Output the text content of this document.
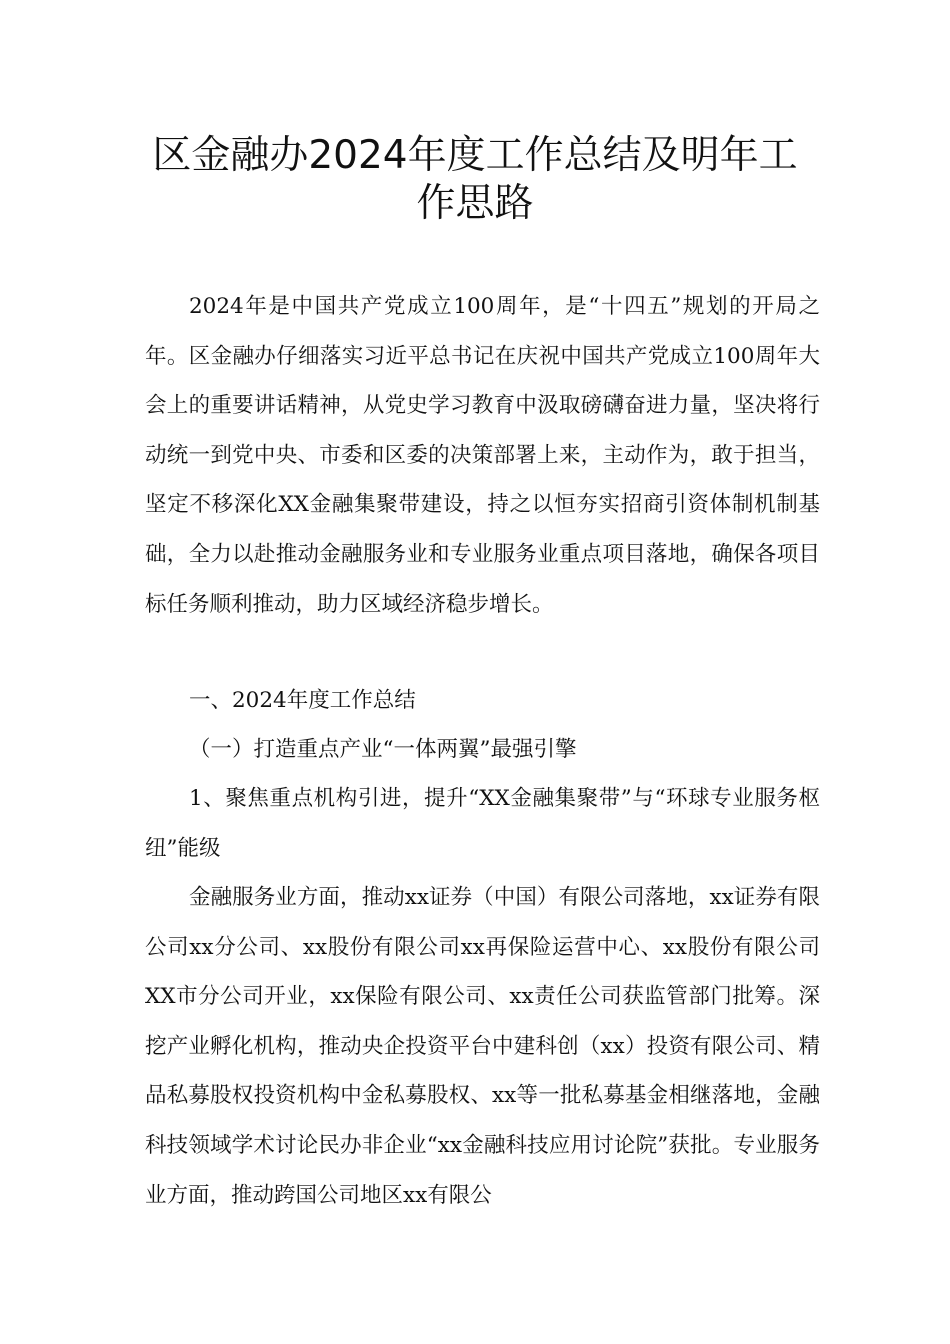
区金融办2024年度工作总结及明年工
作思路

2024年是中国共产党成立100周年，是“十四五”规划的开局之年。区金融办仔细落实习近平总书记在庆祝中国共产党成立100周年大会上的重要讲话精神，从党史学习教育中汲取磅礴奋进力量，坚决将行动统一到党中央、市委和区委的决策部署上来，主动作为，敢于担当，坚定不移深化XX金融集聚带建设，持之以恒夯实招商引资体制机制基础，全力以赴推动金融服务业和专业服务业重点项目落地，确保各项目标任务顺利推动，助力区域经济稳步增长。

一、2024年度工作总结

（一）打造重点产业“一体两翼”最强引擎

1、聚焦重点机构引进，提升“XX金融集聚带”与“环球专业服务枢纽”能级

金融服务业方面，推动xx证券（中国）有限公司落地，xx证券有限公司xx分公司、xx股份有限公司xx再保险运营中心、xx股份有限公司XX市分公司开业，xx保险有限公司、xx责任公司获监管部门批筹。深挖产业孵化机构，推动央企投资平台中建科创（xx）投资有限公司、精品私募股权投资机构中金私募股权、xx等一批私募基金相继落地，金融科技领域学术讨论民办非企业“xx金融科技应用讨论院”获批。专业服务业方面，推动跨国公司地区xx有限公
